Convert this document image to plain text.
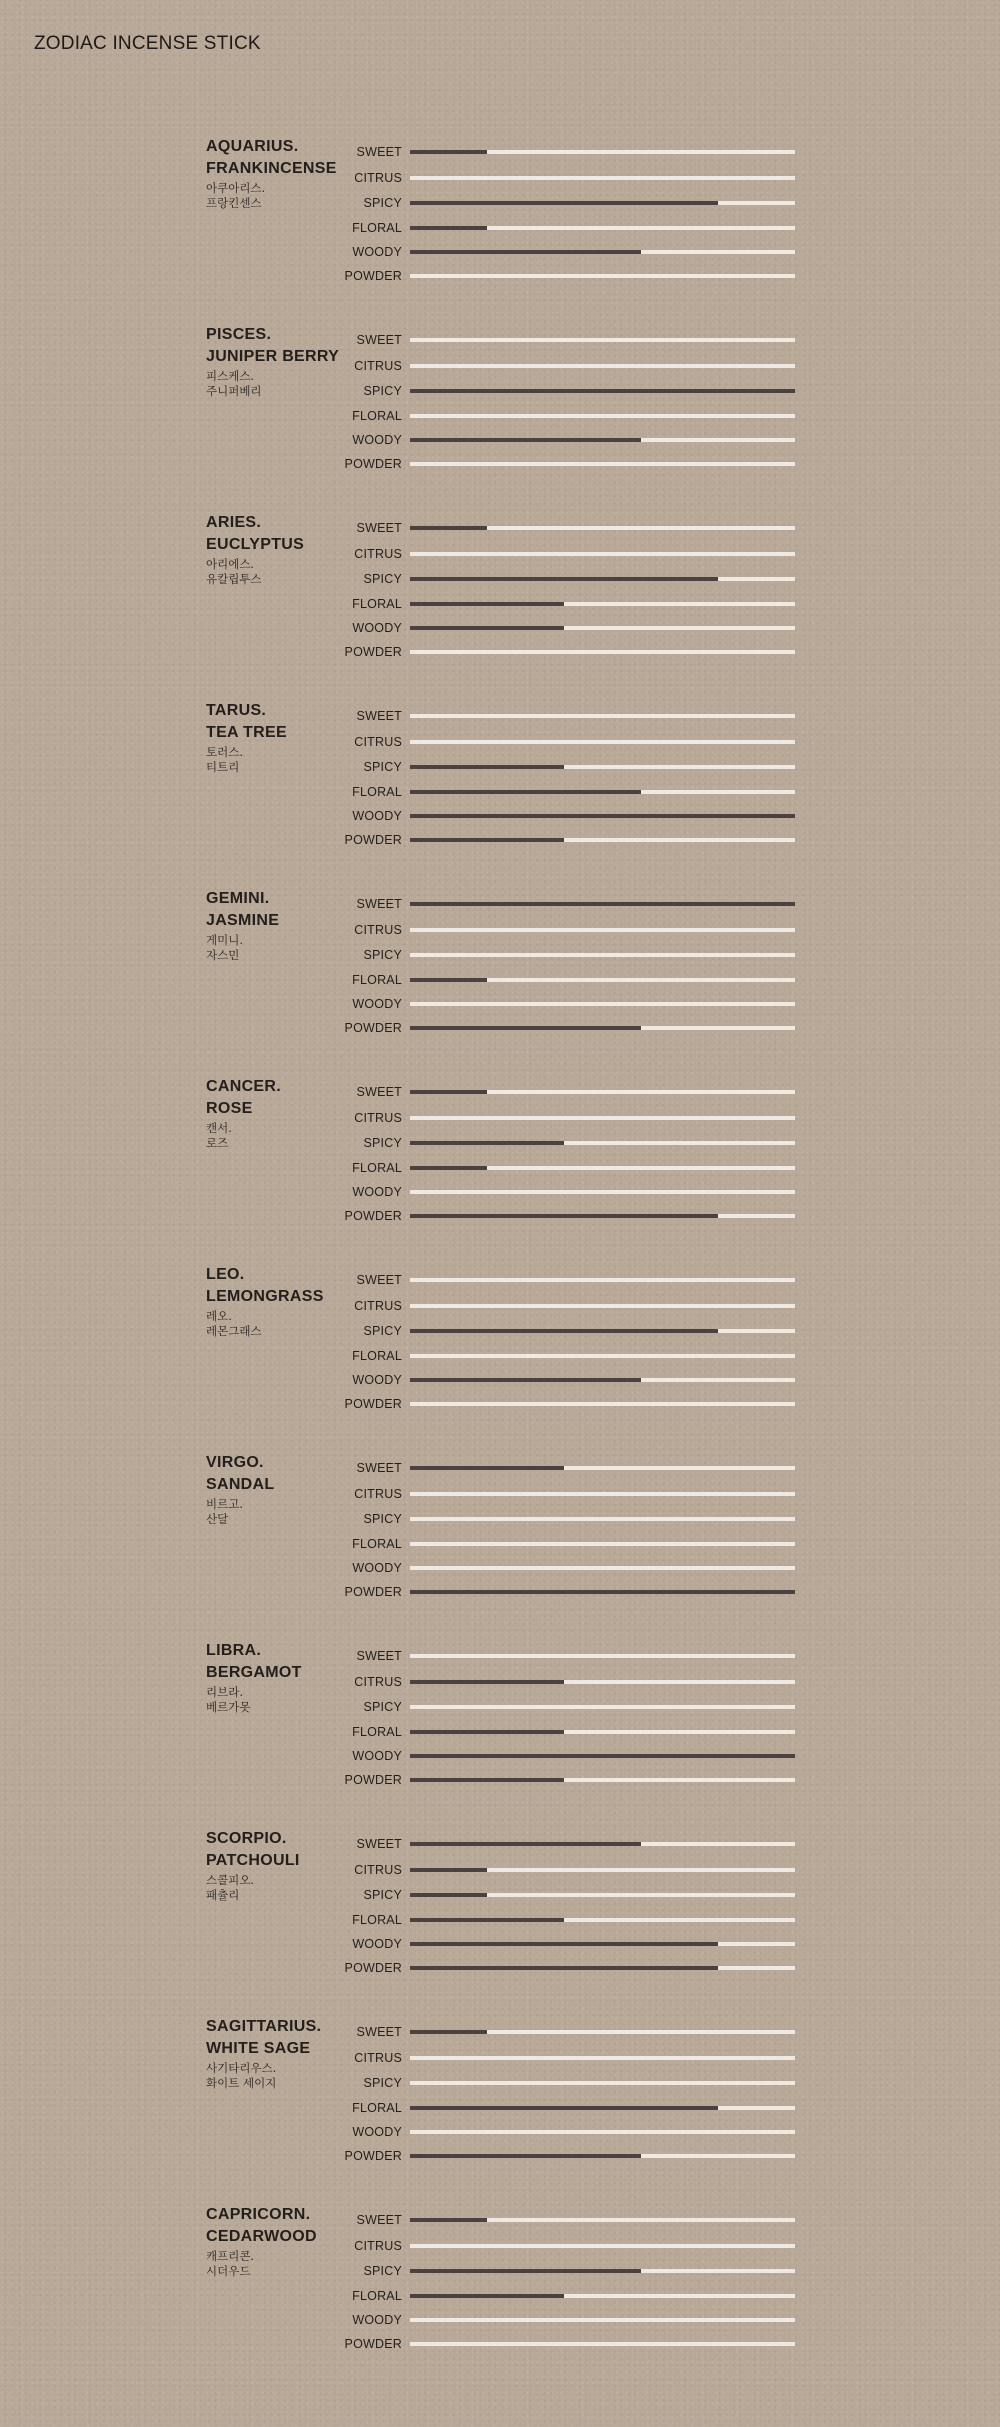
ZODIAC INCENSE STICK
SWEET
CITRUS
SPICY
FLORAL
WOODY
POWDER
AQUARIUS.
FRANKINCENSE
아쿠아리스.
프랑킨센스
SWEET
CITRUS
SPICY
FLORAL
WOODY
POWDER
PISCES.
JUNIPER BERRY
피스케스.
주니퍼베리
SWEET
CITRUS
SPICY
FLORAL
WOODY
POWDER
ARIES.
EUCLYPTUS
아리에스.
유칼립투스
SWEET
CITRUS
SPICY
FLORAL
WOODY
POWDER
TARUS.
TEA TREE
토러스.
티트리
SWEET
CITRUS
SPICY
FLORAL
WOODY
POWDER
GEMINI.
JASMINE
게미니.
자스민
SWEET
CITRUS
SPICY
FLORAL
WOODY
POWDER
CANCER.
ROSE
캔서.
로즈
SWEET
CITRUS
SPICY
FLORAL
WOODY
POWDER
LEO.
LEMONGRASS
레오.
레몬그래스
SWEET
CITRUS
SPICY
FLORAL
WOODY
POWDER
VIRGO.
SANDAL
비르고.
산달
SWEET
CITRUS
SPICY
FLORAL
WOODY
POWDER
LIBRA.
BERGAMOT
리브라.
베르가못
SWEET
CITRUS
SPICY
FLORAL
WOODY
POWDER
SCORPIO.
PATCHOULI
스콜피오.
패츌리
SWEET
CITRUS
SPICY
FLORAL
WOODY
POWDER
SAGITTARIUS.
WHITE SAGE
사기타리우스.
화이트 세이지
SWEET
CITRUS
SPICY
FLORAL
WOODY
POWDER
CAPRICORN.
CEDARWOOD
캐프리콘.
시더우드
